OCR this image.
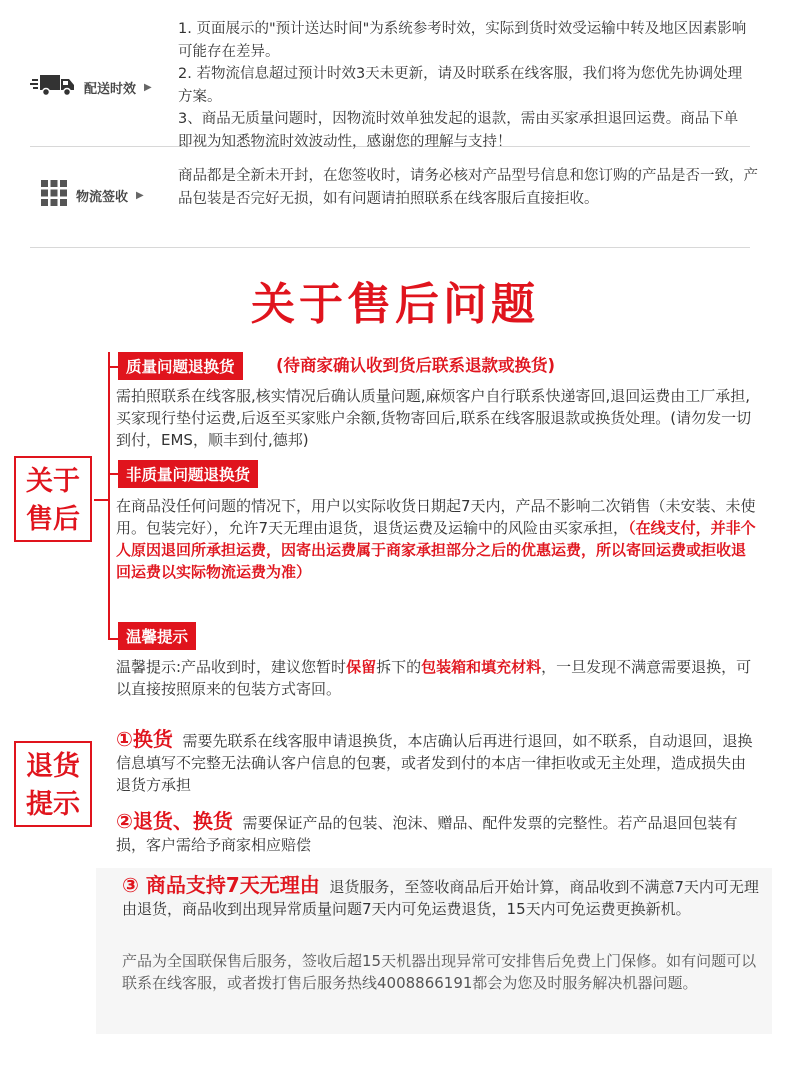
配送时效 ▶

1. 页面展示的"预计送达时间"为系统参考时效，实际到货时效受运输中转及地区因素影响可能存在差异。

2. 若物流信息超过预计时效3天未更新，请及时联系在线客服，我们将为您优先协调处理方案。

3、商品无质量问题时，因物流时效单独发起的退款，需由买家承担退回运费。商品下单即视为知悉物流时效波动性，感谢您的理解与支持！

物流签收 ▶

商品都是全新未开封，在您签收时，请务必核对产品型号信息和您订购的产品是否一致，产品包装是否完好无损，如有问题请拍照联系在线客服后直接拒收。

关于售后问题
关于
售后
质量问题退换货	(待商家确认收到货后联系退款或换货)

需拍照联系在线客服,核实情况后确认质量问题,麻烦客户自行联系快递寄回,退回运费由工厂承担,买家现行垫付运费,后返至买家账户余额,货物寄回后,联系在线客服退款或换货处理。(请勿发一切到付，EMS，顺丰到付,德邦)

非质量问题退换货

在商品没任何问题的情况下，用户以实际收货日期起7天内，产品不影响二次销售（未安装、未使用。包装完好），允许7天无理由退货，退货运费及运输中的风险由买家承担，（在线支付，并非个人原因退回所承担运费，因寄出运费属于商家承担部分之后的优惠运费，所以寄回运费或拒收退回运费以实际物流运费为准）

温馨提示

温馨提示:产品收到时，建议您暂时保留拆下的包装箱和填充材料，一旦发现不满意需要退换，可以直接按照原来的包装方式寄回。

退货
提示

①换货 需要先联系在线客服申请退换货，本店确认后再进行退回，如不联系，自动退回，退换信息填写不完整无法确认客户信息的包裹，或者发到付的本店一律拒收或无主处理，造成损失由退货方承担

②退货、换货 需要保证产品的包装、泡沫、赠品、配件发票的完整性。若产品退回包装有损，客户需给予商家相应赔偿

③ 商品支持7天无理由 退货服务，至签收商品后开始计算，商品收到不满意7天内可无理由退货，商品收到出现异常质量问题7天内可免运费退货，15天内可免运费更换新机。

产品为全国联保售后服务，签收后超15天机器出现异常可安排售后免费上门保修。如有问题可以联系在线客服，或者拨打售后服务热线4008866191都会为您及时服务解决机器问题。
